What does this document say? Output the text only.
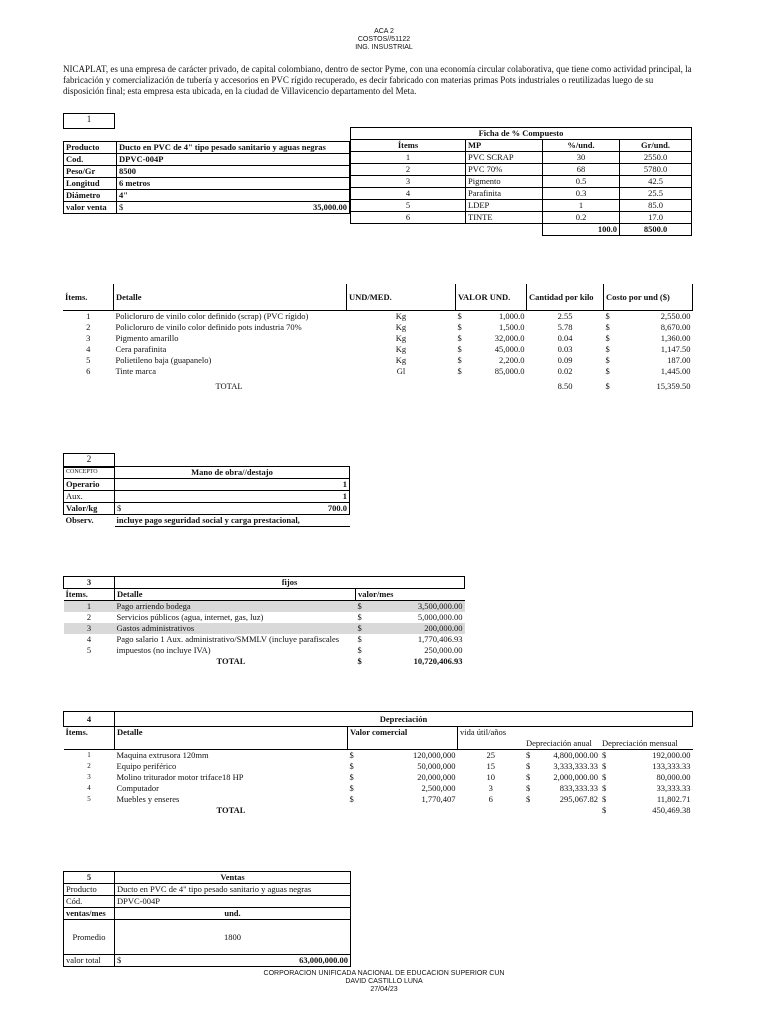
ACA 2
COSTOS//51122
ING. INSUSTRIAL
NICAPLAT, es una empresa de carácter privado, de capital colombiano, dentro de sector Pyme, con una economía circular colaborativa, que tiene como actividad principal, la fabricación y comercialización de tubería y accesorios en PVC rígido recuperado, es decir fabricado con materias primas Pots industriales o reutilizadas luego de su disposición final; esta empresa esta ubicada, en la ciudad de Villavicencio departamento del Meta.
1
Producto	Ducto en PVC de 4" tipo pesado sanitario y aguas negras	
Cod.	DPVC-004P	
Peso/Gr	8500	
Longitud	6 metros	
Diámetro	4"	
valor venta	$	35,000.00
Ficha de % Compuesto			
Ítems	MP	%/und.	Gr/und.
1	PVC SCRAP	30	2550.0
2	PVC 70%	68	5780.0
3	Pigmento	0.5	42.5
4	Parafinita	0.3	25.5
5	LDEP	1	85.0
6	TINTE	0.2	17.0
		100.0	8500.0
Ítems.	Detalle	UND/MED.	VALOR UND.	Cantidad por kilo	Costo por und ($)
1	Policloruro de vinilo color definido (scrap) (PVC rígido)	Kg	$ 1,000.0	2.55	$ 2,550.00
2	Policloruro de vinilo color definido pots industria 70%	Kg	$ 1,500.0	5.78	$ 8,670.00
3	Pigmento amarillo	Kg	$ 32,000.0	0.04	$ 1,360.00
4	Cera parafinita	Kg	$ 45,000.0	0.03	$ 1,147.50
5	Polietileno baja (guapanelo)	Kg	$ 2,200.0	0.09	$ 187.00
6	Tinte marca	Gl	$ 85,000.0	0.02	$ 1,445.00

	TOTAL			8.50	$ 15,359.50
2
CONCEPTO	Mano de obra//destajo	
Operario	1	
Aux.	1	
Valor/kg	$	700.0
Observ.	incluye pago seguridad social y carga prestacional,	
3	fijos		
Ítems.	Detalle	valor/mes	
1	Pago arriendo bodega	$	3,500,000.00
2	Servicios públicos (agua, internet, gas, luz)	$	5,000,000.00
3	Gastos administrativos	$	200,000.00
4	Pago salario 1 Aux. administrativo/SMMLV (incluye parafiscales	$	1,770,406.93
5	impuestos (no incluye IVA)	$	250,000.00
	TOTAL	$	10,720,406.93
4	Depreciación							
Ítems.	Detalle	Valor comercial		vida útil/años	Depreciación anual		Depreciación mensual	
1	Maquina extrusora 120mm	$	120,000,000	25	$	4,800,000.00	$	192,000.00
2	Equipo periférico	$	50,000,000	15	$	3,333,333.33	$	133,333.33
3	Molino triturador motor triface18 HP	$	20,000,000	10	$	2,000,000.00	$	80,000.00
4	Computador	$	2,500,000	3	$	833,333.33	$	33,333.33
5	Muebles y enseres	$	1,770,407	6	$	295,067.82	$	11,802.71
	TOTAL						$	450,469.38
5	Ventas	
Producto	Ducto en PVC de 4" tipo pesado sanitario y aguas negras	
Cód.	DPVC-004P	
ventas/mes	und.	
Promedio	1800	
valor total	$	63,000,000.00
CORPORACION UNIFICADA NACIONAL DE EDUCACION SUPERIOR CUN
DAVID CASTILLO LUNA
27/04/23
